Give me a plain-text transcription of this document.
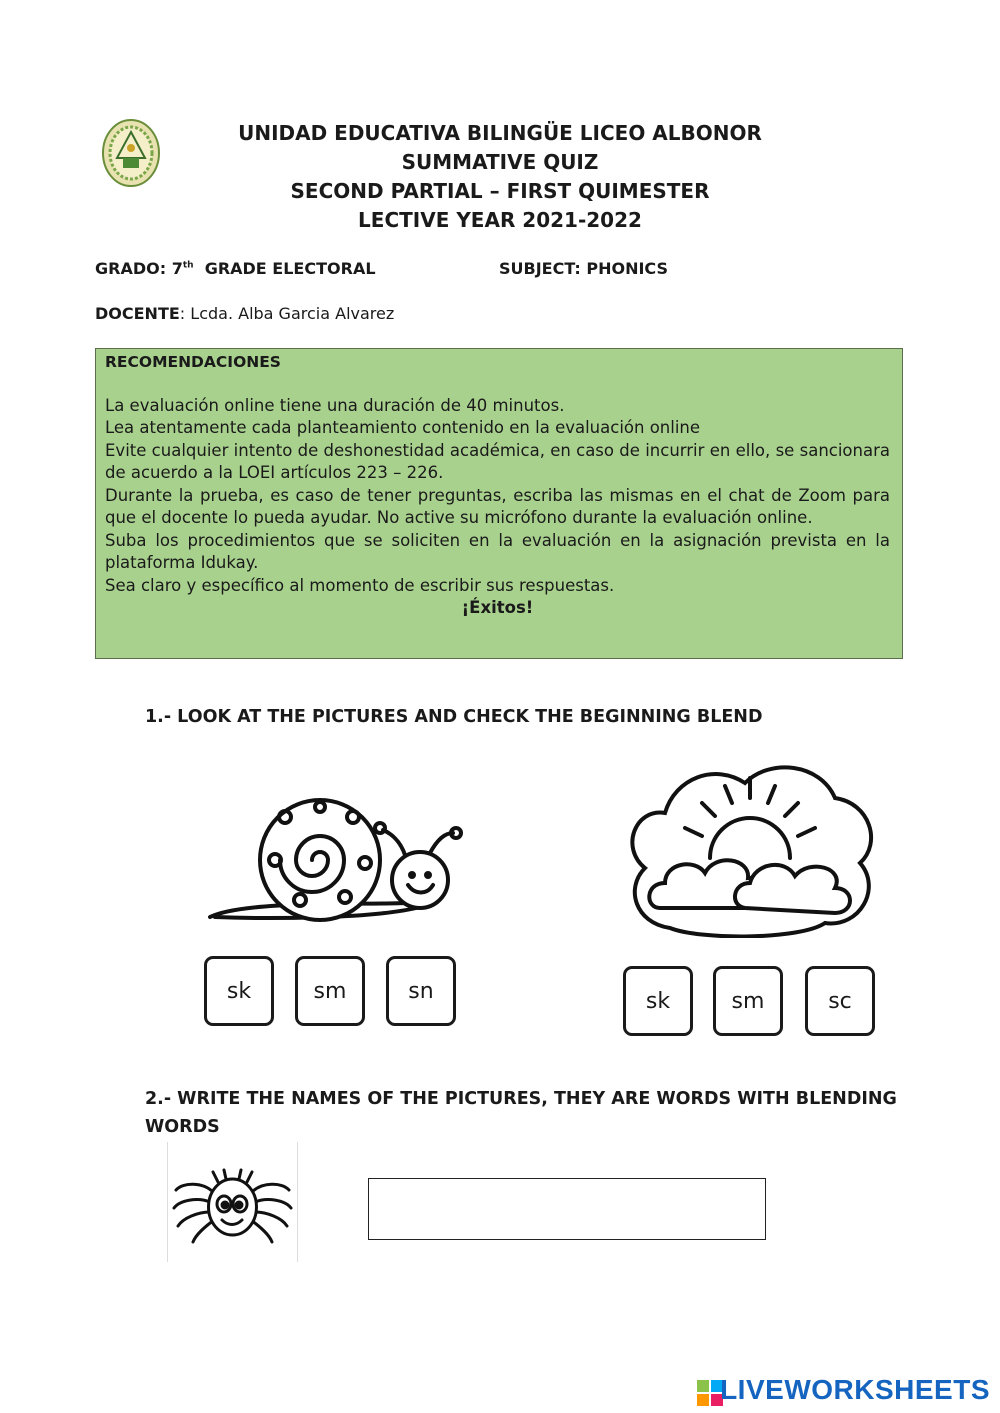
UNIDAD EDUCATIVA BILINGÜE LICEO ALBONOR
SUMMATIVE QUIZ
SECOND PARTIAL – FIRST QUIMESTER
LECTIVE YEAR 2021-2022
GRADO: 7th  GRADE ELECTORAL	SUBJECT: PHONICS
DOCENTE: Lcda. Alba Garcia Alvarez
RECOMENDACIONES

La evaluación online tiene una duración de 40 minutos.

Lea atentamente cada planteamiento contenido en la evaluación online

Evite cualquier intento de deshonestidad académica, en caso de incurrir en ello, se sancionara de acuerdo a la LOEI artículos 223 – 226.

Durante la prueba, es caso de tener preguntas, escriba las mismas en el chat de Zoom para que el docente lo pueda ayudar. No active su micrófono durante la evaluación online.

Suba los procedimientos que se soliciten en la evaluación en la asignación prevista en la plataforma Idukay.

Sea claro y específico al momento de escribir sus respuestas.

¡Éxitos!

1.- LOOK AT THE PICTURES AND CHECK THE BEGINNING BLEND
sk	sm	sn	sk	sm	sc
2.- WRITE THE NAMES OF THE PICTURES, THEY ARE WORDS WITH BLENDING
WORDS
LIVEWORKSHEETS
